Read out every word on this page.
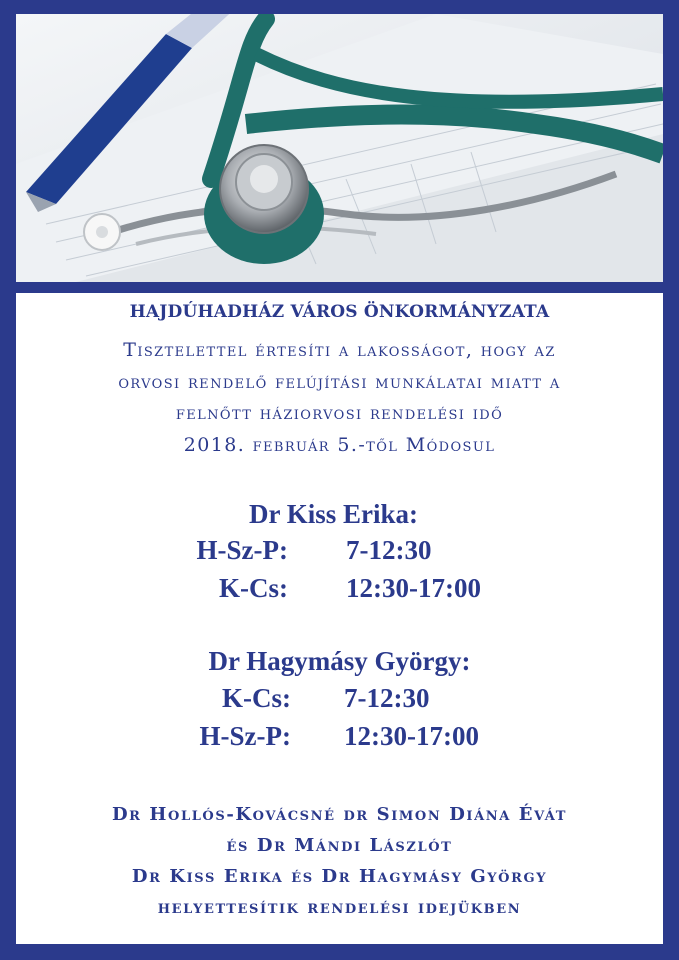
HAJDÚHADHÁZ VÁROS ÖNKORMÁNYZATA
Tisztelettel értesíti a lakosságot, hogy az
orvosi rendelő felújítási munkálatai miatt a
felnőtt háziorvosi rendelési idő
2018. február 5.-től Módosul
Dr Kiss Erika:
H-Sz-P: 7-12:30
K-Cs: 12:30-17:00
Dr Hagymásy György:
K-Cs: 7-12:30
H-Sz-P: 12:30-17:00
Dr Hollós-Kovácsné dr Simon Diána Évát
és Dr Mándi Lászlót
Dr Kiss Erika és Dr Hagymásy György
helyettesítik rendelési idejükben
